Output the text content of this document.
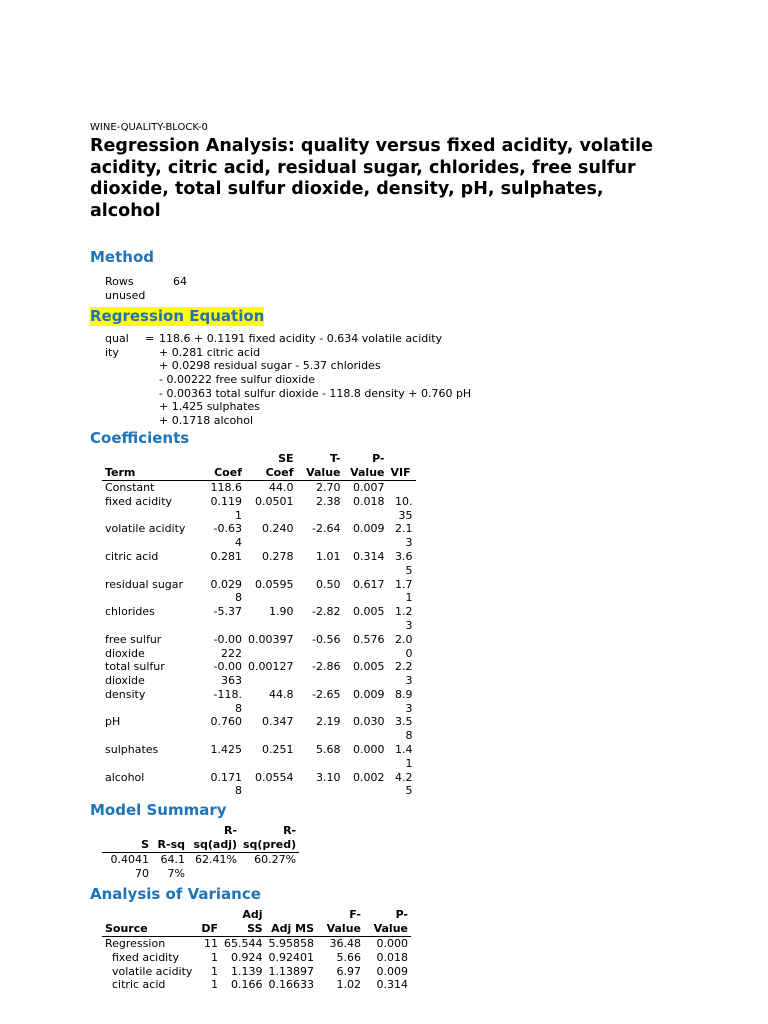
WINE-QUALITY-BLOCK-0
Regression Analysis: quality versus fixed acidity, volatile acidity, citric acid, residual sugar, chlorides, free sulfur dioxide, total sulfur dioxide, density, pH, sulphates, alcohol
Method
Rows unused	64
Regression Equation
quality
= 118.6 + 0.1191 fixed acidity - 0.634 volatile acidity
+ 0.281 citric acid
+ 0.0298 residual sugar - 5.37 chlorides
- 0.00222 free sulfur dioxide
- 0.00363 total sulfur dioxide - 118.8 density + 0.760 pH
+ 1.425 sulphates
+ 0.1718 alcohol
Coefficients
Term	Coef	SE Coef	T-Value	P-Value	VIF
Constant	118.6	44.0	2.70	0.007	
fixed acidity	0.1191	0.0501	2.38	0.018	10.35
volatile acidity	-0.634	0.240	-2.64	0.009	2.13
citric acid	0.281	0.278	1.01	0.314	3.65
residual sugar	0.0298	0.0595	0.50	0.617	1.71
chlorides	-5.37	1.90	-2.82	0.005	1.23
free sulfur dioxide	-0.00222	0.00397	-0.56	0.576	2.00
total sulfur dioxide	-0.00363	0.00127	-2.86	0.005	2.23
density	-118.8	44.8	-2.65	0.009	8.93
pH	0.760	0.347	2.19	0.030	3.58
sulphates	1.425	0.251	5.68	0.000	1.41
alcohol	0.1718	0.0554	3.10	0.002	4.25
Model Summary
S	R-sq	R-sq(adj)	R-sq(pred)
0.404170	64.17%	62.41%	60.27%
Analysis of Variance
Source	DF	Adj SS	Adj MS	F-Value	P-Value
Regression	11	65.544	5.95858	36.48	0.000
fixed acidity	1	0.924	0.92401	5.66	0.018
volatile acidity	1	1.139	1.13897	6.97	0.009
citric acid	1	0.166	0.16633	1.02	0.314
